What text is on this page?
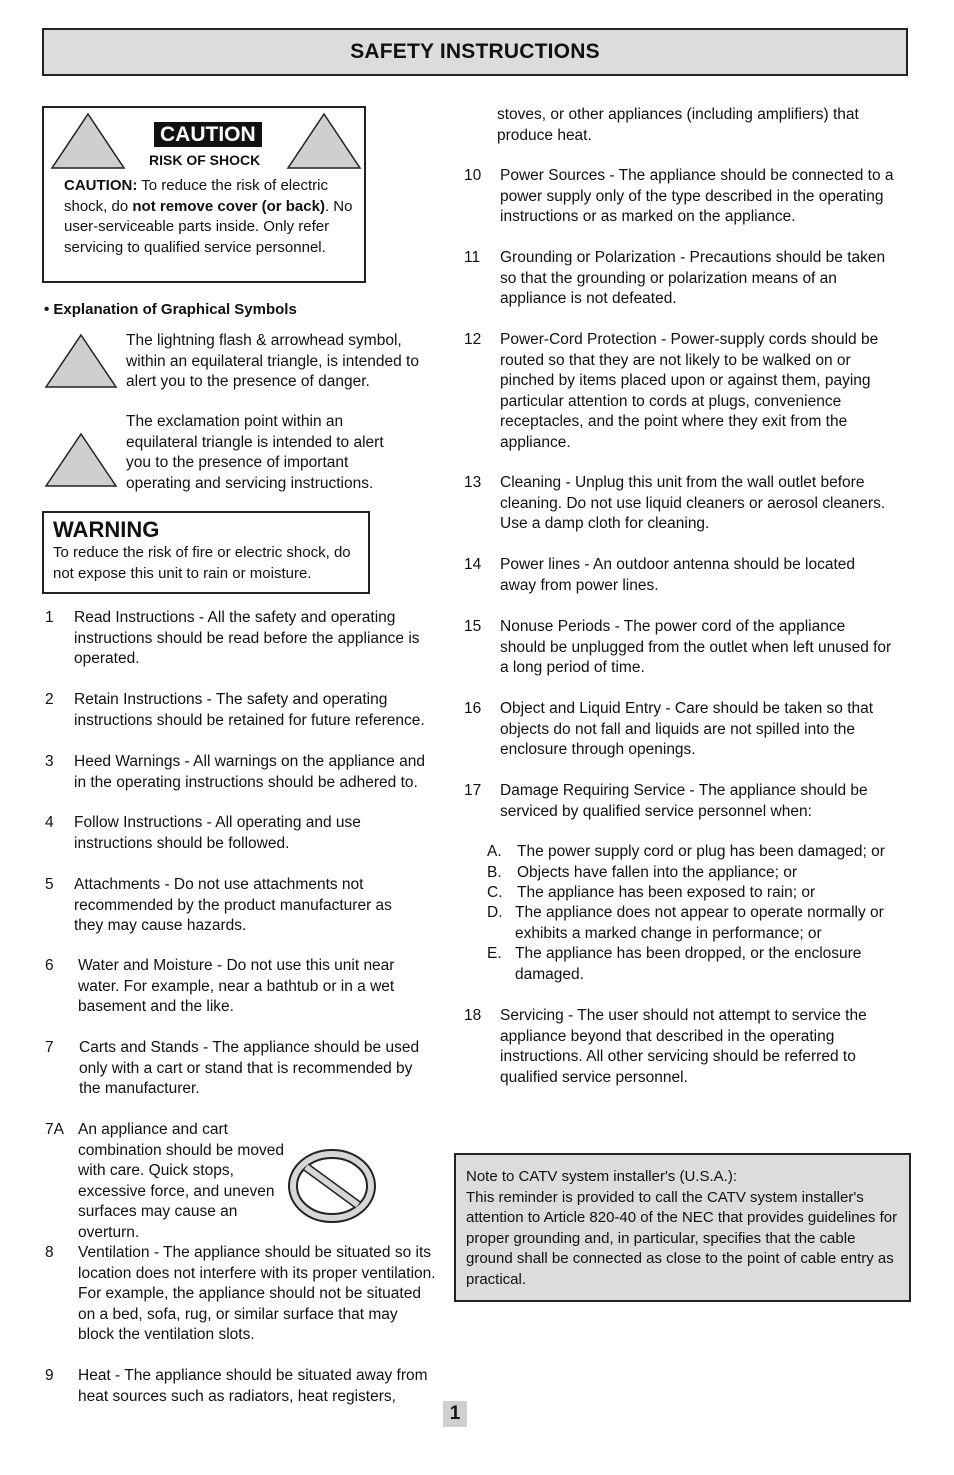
SAFETY INSTRUCTIONS
CAUTION
RISK OF SHOCK
CAUTION: To reduce the risk of electric shock, do not remove cover (or back). No user-serviceable parts inside. Only refer servicing to qualified service personnel.
• Explanation of Graphical Symbols
The lightning flash & arrowhead symbol, within an equilateral triangle, is intended to alert you to the presence of danger.
The exclamation point within an equilateral triangle is intended to alert you to the presence of important operating and servicing instructions.
WARNING
To reduce the risk of fire or electric shock, do not expose this unit to rain or moisture.
1 Read Instructions - All the safety and operating instructions should be read before the appliance is operated.
2 Retain Instructions - The safety and operating instructions should be retained for future reference.
3 Heed Warnings - All warnings on the appliance and in the operating instructions should be adhered to.
4 Follow Instructions - All operating and use instructions should be followed.
5 Attachments - Do not use attachments not recommended by the product manufacturer as they may cause hazards.
6 Water and Moisture - Do not use this unit near water. For example, near a bathtub or in a wet basement and the like.
7 Carts and Stands - The appliance should be used only with a cart or stand that is recommended by the manufacturer.
7A An appliance and cart combination should be moved with care. Quick stops, excessive force, and uneven surfaces may cause an overturn.
8 Ventilation - The appliance should be situated so its location does not interfere with its proper ventilation. For example, the appliance should not be situated on a bed, sofa, rug, or similar surface that may block the ventilation slots.
9 Heat - The appliance should be situated away from heat sources such as radiators, heat registers,
stoves, or other appliances (including amplifiers) that produce heat.
10 Power Sources - The appliance should be connected to a power supply only of the type described in the operating instructions or as marked on the appliance.
11 Grounding or Polarization - Precautions should be taken so that the grounding or polarization means of an appliance is not defeated.
12 Power-Cord Protection - Power-supply cords should be routed so that they are not likely to be walked on or pinched by items placed upon or against them, paying particular attention to cords at plugs, convenience receptacles, and the point where they exit from the appliance.
13 Cleaning - Unplug this unit from the wall outlet before cleaning. Do not use liquid cleaners or aerosol cleaners. Use a damp cloth for cleaning.
14 Power lines - An outdoor antenna should be located away from power lines.
15 Nonuse Periods - The power cord of the appliance should be unplugged from the outlet when left unused for a long period of time.
16 Object and Liquid Entry - Care should be taken so that objects do not fall and liquids are not spilled into the enclosure through openings.
17 Damage Requiring Service - The appliance should be serviced by qualified service personnel when:
A. The power supply cord or plug has been damaged; or
B. Objects have fallen into the appliance; or
C. The appliance has been exposed to rain; or
D. The appliance does not appear to operate normally or exhibits a marked change in performance; or
E. The appliance has been dropped, or the enclosure damaged.
18 Servicing - The user should not attempt to service the appliance beyond that described in the operating instructions. All other servicing should be referred to qualified service personnel.
Note to CATV system installer's (U.S.A.):
This reminder is provided to call the CATV system installer's attention to Article 820-40 of the NEC that provides guidelines for proper grounding and, in particular, specifies that the cable ground shall be connected as close to the point of cable entry as practical.
1
